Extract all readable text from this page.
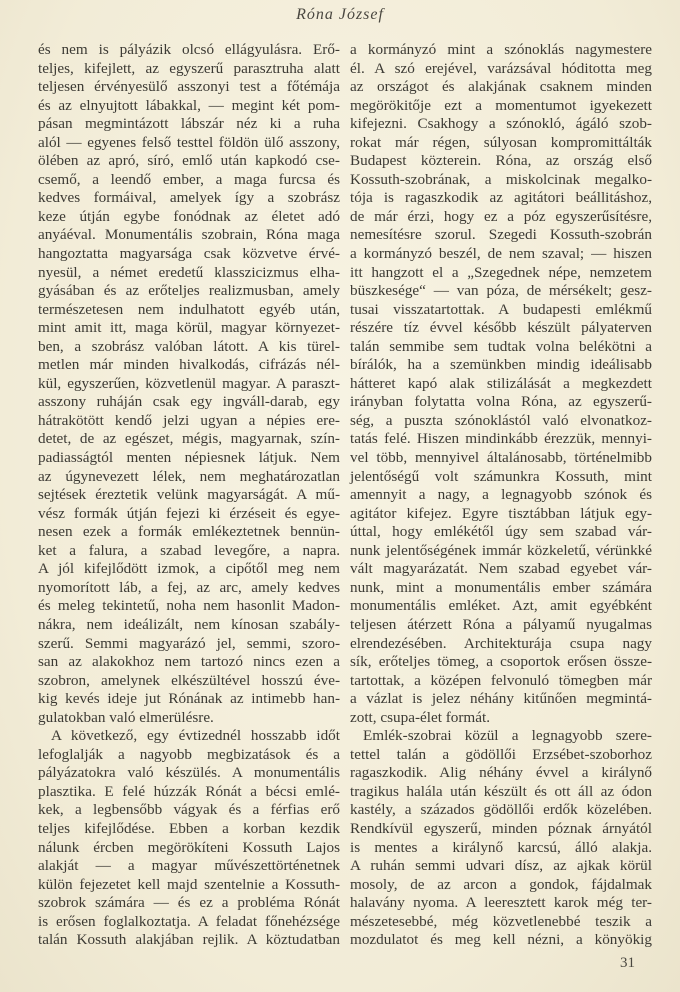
Róna József
és nem is pályázik olcsó ellágyulásra. Erő-
teljes, kifejlett, az egyszerű parasztruha alatt
teljesen érvényesülő asszonyi test a főtémája
és az elnyujtott lábakkal, — megint két pom-
pásan megmintázott lábszár néz ki a ruha
alól — egyenes felső testtel földön ülő asszony,
ölében az apró, síró, emlő után kapkodó cse-
csemő, a leendő ember, a maga furcsa és
kedves formáival, amelyek így a szobrász
keze útján egybe fonódnak az életet adó
anyáéval. Monumentális szobrain, Róna maga
hangoztatta magyarsága csak közvetve érvé-
nyesül, a német eredetű klasszicizmus elha-
gyásában és az erőteljes realizmusban, amely
természetesen nem indulhatott egyéb után,
mint amit itt, maga körül, magyar környezet-
ben, a szobrász valóban látott. A kis türel-
metlen már minden hivalkodás, cifrázás nél-
kül, egyszerűen, közvetlenül magyar. A paraszt-
asszony ruháján csak egy ingváll-darab, egy
hátrakötött kendő jelzi ugyan a népies ere-
detet, de az egészet, mégis, magyarnak, szín-
padiasságtól menten népiesnek látjuk. Nem
az úgynevezett lélek, nem meghatározatlan
sejtések éreztetik velünk magyarságát. A mű-
vész formák útján fejezi ki érzéseit és egye-
nesen ezek a formák emlékeztetnek bennün-
ket a falura, a szabad levegőre, a napra.
A jól kifejlődött izmok, a cipőtől meg nem
nyomorított láb, a fej, az arc, amely kedves
és meleg tekintetű, noha nem hasonlit Madon-
nákra, nem ideálizált, nem kínosan szabály-
szerű. Semmi magyarázó jel, semmi, szoro-
san az alakokhoz nem tartozó nincs ezen a
szobron, amelynek elkészültével hosszú éve-
kig kevés ideje jut Rónának az intimebb han-
gulatokban való elmerülésre.
A következő, egy évtizednél hosszabb időt
lefoglalják a nagyobb megbizatások és a
pályázatokra való készülés. A monumentális
plasztika. E felé húzzák Rónát a bécsi emlé-
kek, a legbensőbb vágyak és a férfias erő
teljes kifejlődése. Ebben a korban kezdik
nálunk ércben megörökíteni Kossuth Lajos
alakját — a magyar művészettörténetnek
külön fejezetet kell majd szentelnie a Kossuth-
szobrok számára — és ez a probléma Rónát
is erősen foglalkoztatja. A feladat főnehézsége
talán Kossuth alakjában rejlik. A köztudatban
a kormányzó mint a szónoklás nagymestere
él. A szó erejével, varázsával hóditotta meg
az országot és alakjának csaknem minden
megörökitője ezt a momentumot igyekezett
kifejezni. Csakhogy a szónokló, ágáló szob-
rokat már régen, súlyosan kompromittálták
Budapest közterein. Róna, az ország első
Kossuth-szobrának, a miskolcinak megalko-
tója is ragaszkodik az agitátori beállitáshoz,
de már érzi, hogy ez a póz egyszerűsítésre,
nemesítésre szorul. Szegedi Kossuth-szobrán
a kormányzó beszél, de nem szaval; — hiszen
itt hangzott el a „Szegednek népe, nemzetem
büszkesége“ — van póza, de mérsékelt; gesz-
tusai visszatartottak. A budapesti emlékmű
részére tíz évvel később készült pályaterven
talán semmibe sem tudtak volna belékötni a
bírálók, ha a szemünkben mindig ideálisabb
hátteret kapó alak stilizálását a megkezdett
irányban folytatta volna Róna, az egyszerű-
ség, a puszta szónoklástól való elvonatkoz-
tatás felé. Hiszen mindinkább érezzük, mennyi-
vel több, mennyivel általánosabb, történelmibb
jelentőségű volt számunkra Kossuth, mint
amennyit a nagy, a legnagyobb szónok és
agitátor kifejez. Egyre tisztábban látjuk egy-
úttal, hogy emlékétől úgy sem szabad vár-
nunk jelentőségének immár közkeletű, vérünkké
vált magyarázatát. Nem szabad egyebet vár-
nunk, mint a monumentális ember számára
monumentális emléket. Azt, amit egyébként
teljesen átérzett Róna a pályamű nyugalmas
elrendezésében. Architekturája csupa nagy
sík, erőteljes tömeg, a csoportok erősen össze-
tartottak, a középen felvonuló tömegben már
a vázlat is jelez néhány kitűnően megmintá-
zott, csupa-élet formát.
Emlék-szobrai közül a legnagyobb szere-
tettel talán a gödöllői Erzsébet-szoborhoz
ragaszkodik. Alig néhány évvel a királynő
tragikus halála után készült és ott áll az ódon
kastély, a százados gödöllői erdők közelében.
Rendkívül egyszerű, minden póznak árnyától
is mentes a királynő karcsú, álló alakja.
A ruhán semmi udvari dísz, az ajkak körül
mosoly, de az arcon a gondok, fájdalmak
halavány nyoma. A leeresztett karok még ter-
mészetesebbé, még közvetlenebbé teszik a
mozdulatot és meg kell nézni, a könyökig
31
